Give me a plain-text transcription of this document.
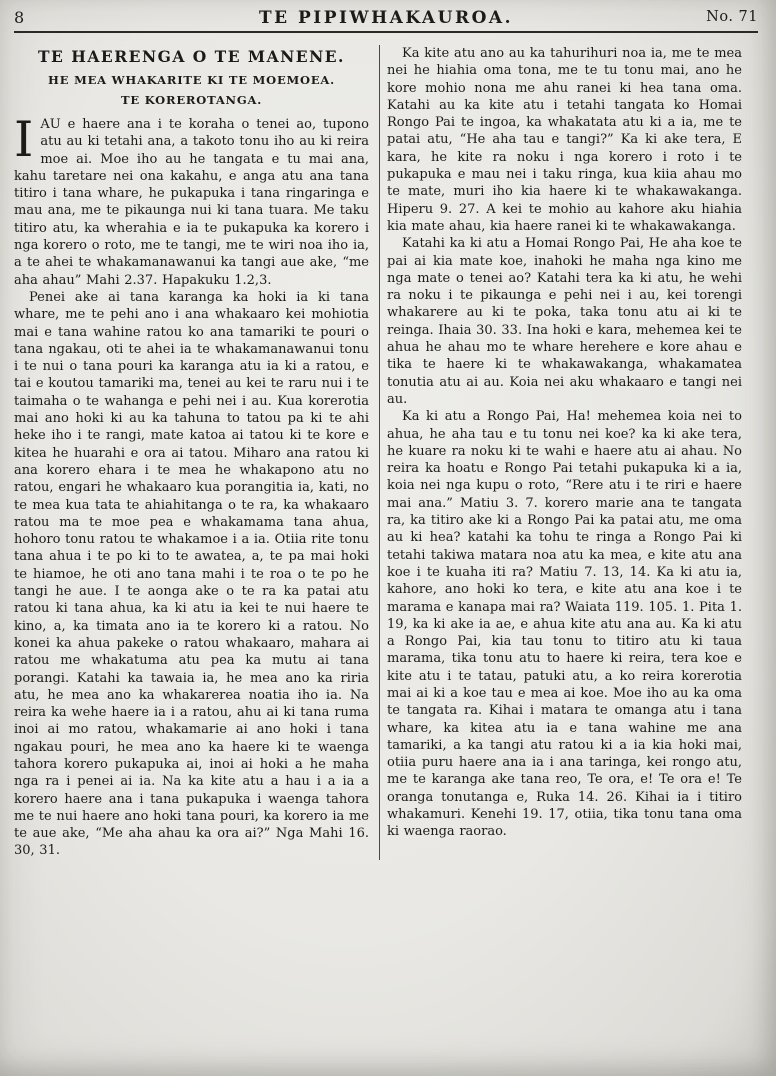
8	TE PIPIWHAKAUROA.	No. 71
TE HAERENGA O TE MANENE.
HE MEA WHAKARITE KI TE MOEMOEA.
TE KOREROTANGA.

IAU e haere ana i te koraha o tenei ao, tupono atu au ki tetahi ana, a takoto tonu iho au ki reira moe ai. Moe iho au he tangata e tu mai ana, kahu taretare nei ona kakahu, e anga atu ana tana titiro i tana whare, he pukapuka i tana ringaringa e mau ana, me te pikaunga nui ki tana tuara. Me taku titiro atu, ka wherahia e ia te pukapuka ka korero i nga korero o roto, me te tangi, me te wiri noa iho ia, a te ahei te whakamanawanui ka tangi aue ake, “me aha ahau” Mahi 2.37. Hapakuku 1.2,3.

Penei ake ai tana karanga ka hoki ia ki tana whare, me te pehi ano i ana whakaaro kei mohiotia mai e tana wahine ratou ko ana tamariki te pouri o tana ngakau, oti te ahei ia te whakamanawanui tonu i te nui o tana pouri ka karanga atu ia ki a ratou, e tai e koutou tamariki ma, tenei au kei te raru nui i te taimaha o te wahanga e pehi nei i au. Kua korerotia mai ano hoki ki au ka tahuna to tatou pa ki te ahi heke iho i te rangi, mate katoa ai tatou ki te kore e kitea he huarahi e ora ai tatou. Miharo ana ratou ki ana korero ehara i te mea he whakapono atu no ratou, engari he whakaaro kua porangitia ia, kati, no te mea kua tata te ahiahitanga o te ra, ka whakaaro ratou ma te moe pea e whakamama tana ahua, hohoro tonu ratou te whakamoe i a ia. Otiia rite tonu tana ahua i te po ki to te awatea, a, te pa mai hoki te hiamoe, he oti ano tana mahi i te roa o te po he tangi he aue. I te aonga ake o te ra ka patai atu ratou ki tana ahua, ka ki atu ia kei te nui haere te kino, a, ka timata ano ia te korero ki a ratou. No konei ka ahua pakeke o ratou whakaaro, mahara ai ratou me whakatuma atu pea ka mutu ai tana porangi. Katahi ka tawaia ia, he mea ano ka riria atu, he mea ano ka whakarerea noatia iho ia. Na reira ka wehe haere ia i a ratou, ahu ai ki tana ruma inoi ai mo ratou, whakamarie ai ano hoki i tana ngakau pouri, he mea ano ka haere ki te waenga tahora korero pukapuka ai, inoi ai hoki a he maha nga ra i penei ai ia. Na ka kite atu a hau i a ia a korero haere ana i tana pukapuka i waenga tahora me te nui haere ano hoki tana pouri, ka korero ia me te aue ake, “Me aha ahau ka ora ai?” Nga Mahi 16. 30, 31.

Ka kite atu ano au ka tahurihuri noa ia, me te mea nei he hiahia oma tona, me te tu tonu mai, ano he kore mohio nona me ahu ranei ki hea tana oma. Katahi au ka kite atu i tetahi tangata ko Homai Rongo Pai te ingoa, ka whakatata atu ki a ia, me te patai atu, “He aha tau e tangi?” Ka ki ake tera, E kara, he kite ra noku i nga korero i roto i te pukapuka e mau nei i taku ringa, kua kiia ahau mo te mate, muri iho kia haere ki te whakawakanga. Hiperu 9. 27. A kei te mohio au kahore aku hiahia kia mate ahau, kia haere ranei ki te whakawakanga.

Katahi ka ki atu a Homai Rongo Pai, He aha koe te pai ai kia mate koe, inahoki he maha nga kino me nga mate o tenei ao? Katahi tera ka ki atu, he wehi ra noku i te pikaunga e pehi nei i au, kei torengi whakarere au ki te poka, taka tonu atu ai ki te reinga. Ihaia 30. 33. Ina hoki e kara, mehemea kei te ahua he ahau mo te whare herehere e kore ahau e tika te haere ki te whakawakanga, whakamatea tonutia atu ai au. Koia nei aku whakaaro e tangi nei au.

Ka ki atu a Rongo Pai, Ha! mehemea koia nei to ahua, he aha tau e tu tonu nei koe? ka ki ake tera, he kuare ra noku ki te wahi e haere atu ai ahau. No reira ka hoatu e Rongo Pai tetahi pukapuka ki a ia, koia nei nga kupu o roto, “Rere atu i te riri e haere mai ana.” Matiu 3. 7. korero marie ana te tangata ra, ka titiro ake ki a Rongo Pai ka patai atu, me oma au ki hea? katahi ka tohu te ringa a Rongo Pai ki tetahi takiwa matara noa atu ka mea, e kite atu ana koe i te kuaha iti ra? Matiu 7. 13, 14. Ka ki atu ia, kahore, ano hoki ko tera, e kite atu ana koe i te marama e kanapa mai ra? Waiata 119. 105. 1. Pita 1. 19, ka ki ake ia ae, e ahua kite atu ana au. Ka ki atu a Rongo Pai, kia tau tonu to titiro atu ki taua marama, tika tonu atu to haere ki reira, tera koe e kite atu i te tatau, patuki atu, a ko reira korerotia mai ai ki a koe tau e mea ai koe. Moe iho au ka oma te tangata ra. Kihai i matara te omanga atu i tana whare, ka kitea atu ia e tana wahine me ana tamariki, a ka tangi atu ratou ki a ia kia hoki mai, otiia puru haere ana ia i ana taringa, kei rongo atu, me te karanga ake tana reo, Te ora, e! Te ora e! Te oranga tonutanga e, Ruka 14. 26. Kihai ia i titiro whakamuri. Kenehi 19. 17, otiia, tika tonu tana oma ki waenga raorao.
